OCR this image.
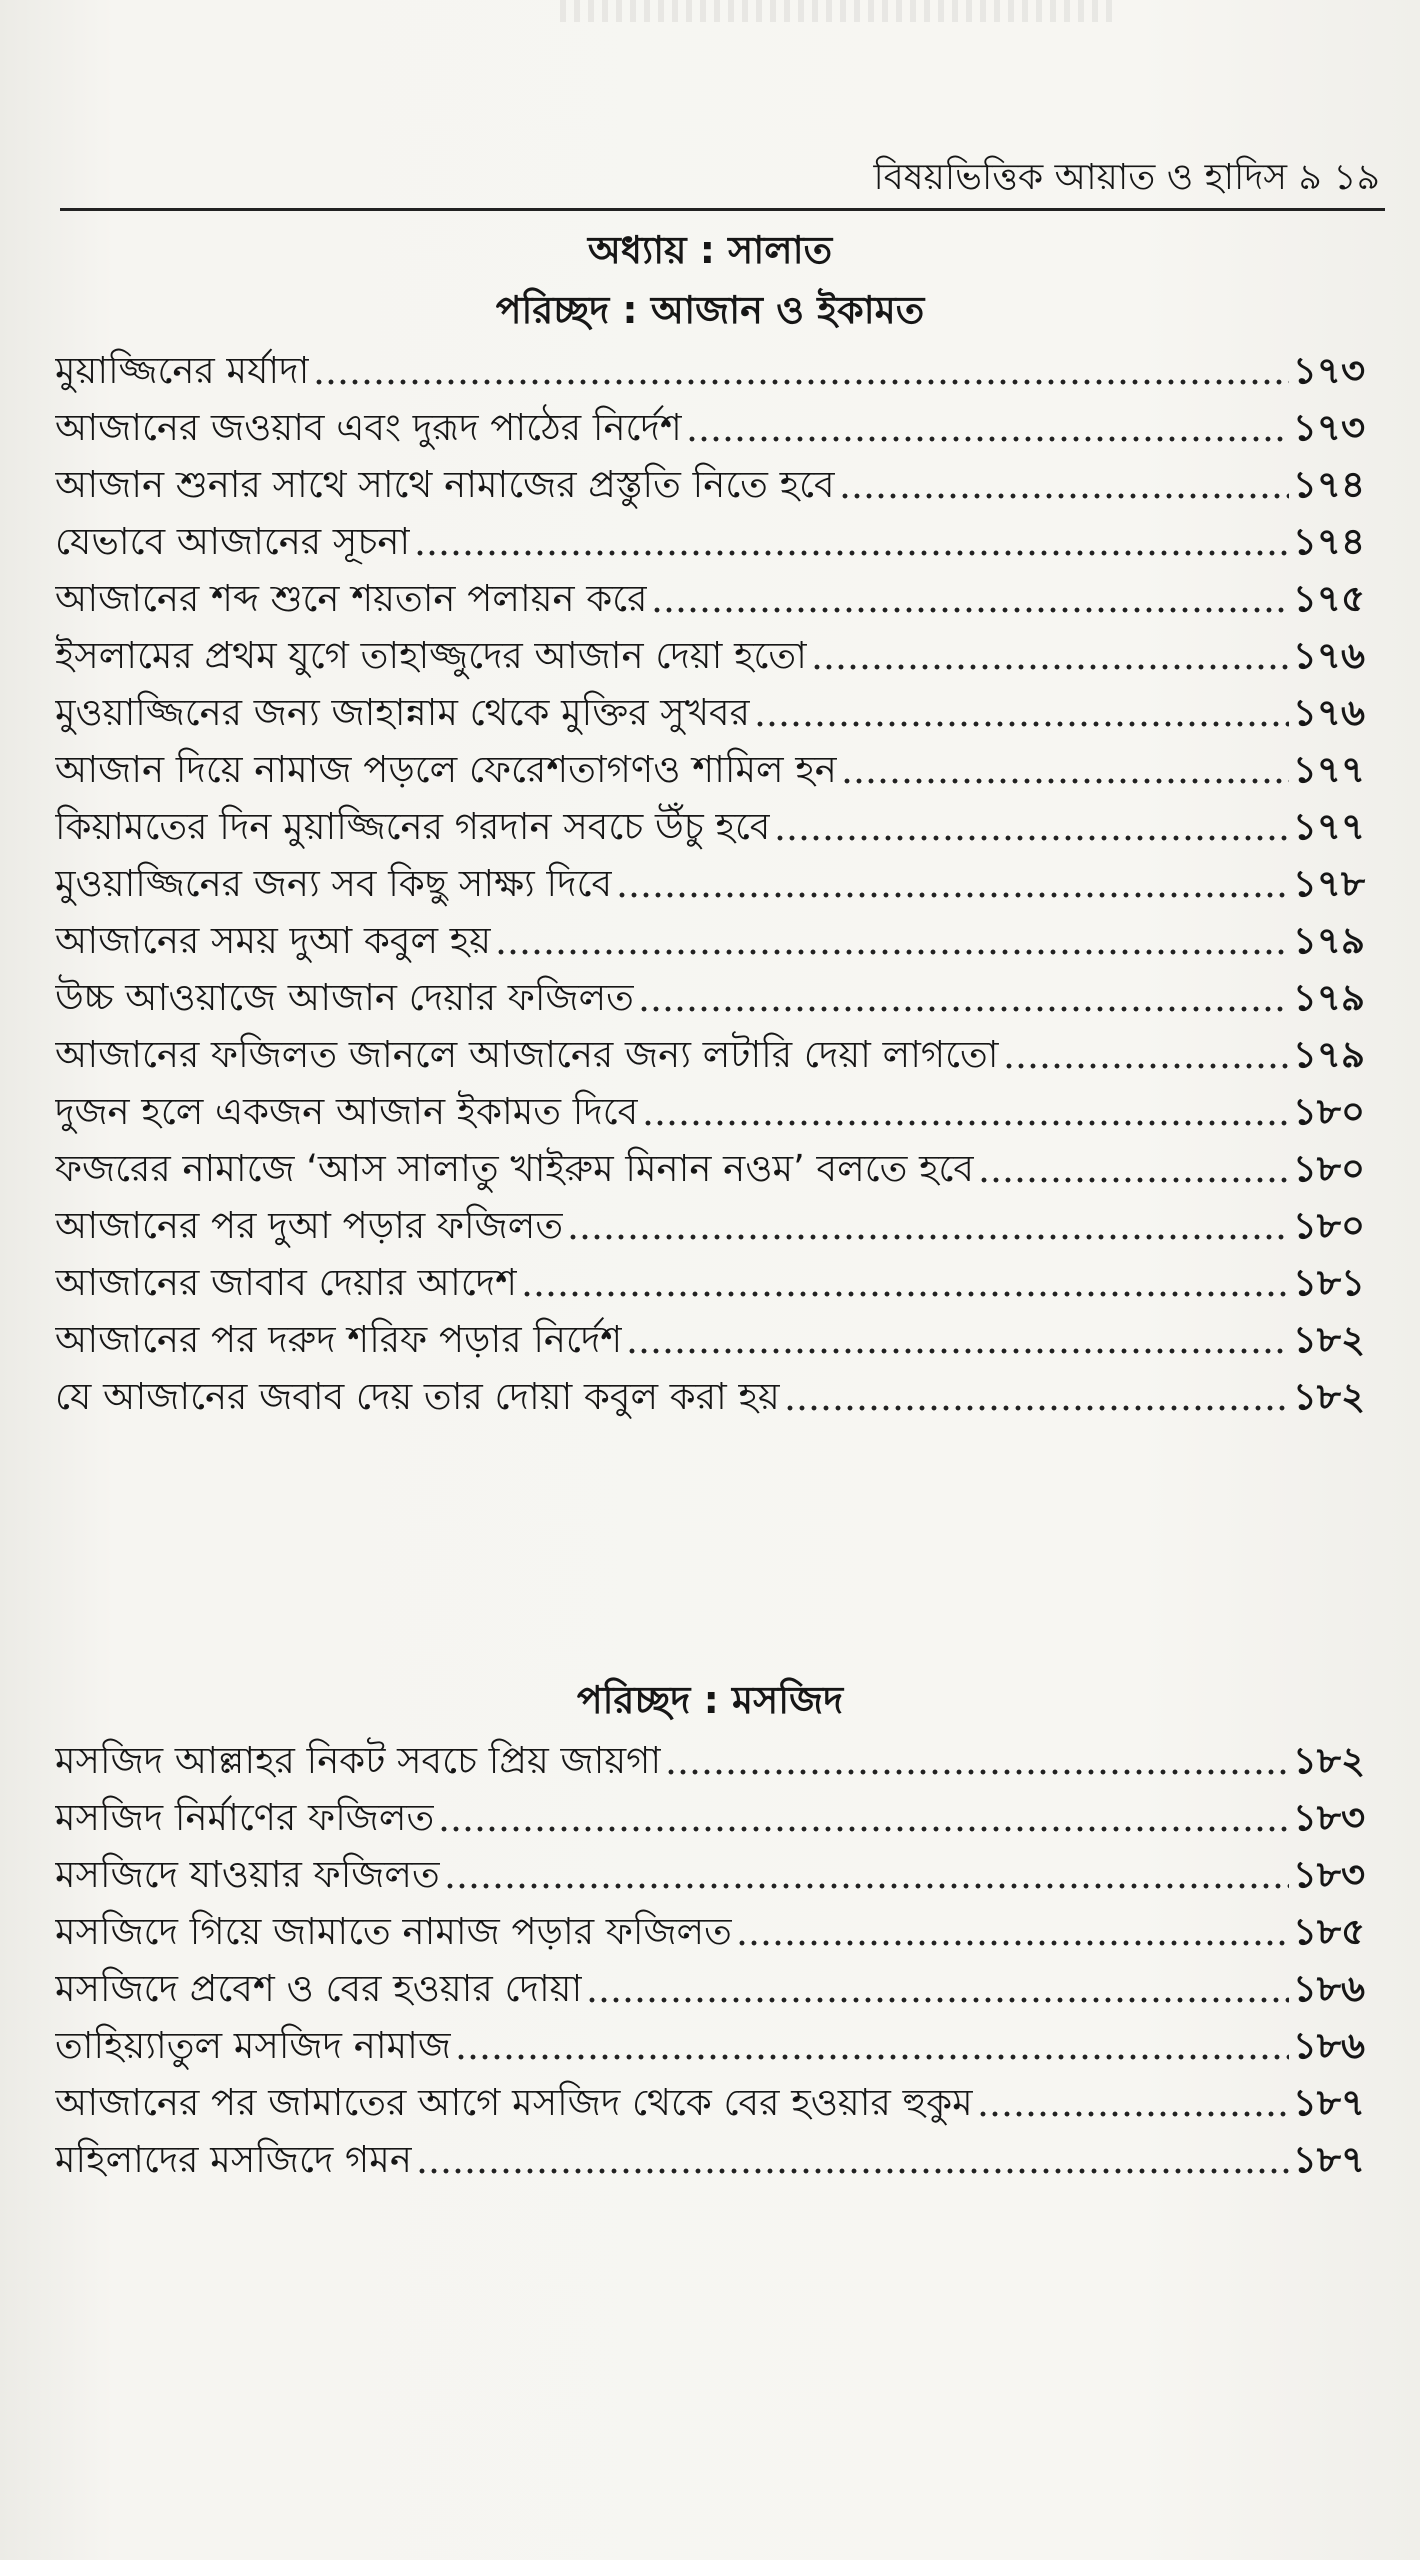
বিষয়ভিত্তিক আয়াত ও হাদিস ৯ ১৯
অধ্যায় : সালাত
পরিচ্ছদ : আজান ও ইকামত
মুয়াজ্জিনের মর্যাদা	১৭৩
আজানের জওয়াব এবং দুরূদ পাঠের নির্দেশ	১৭৩
আজান শুনার সাথে সাথে নামাজের প্রস্তুতি নিতে হবে	১৭৪
যেভাবে আজানের সূচনা	১৭৪
আজানের শব্দ শুনে শয়তান পলায়ন করে	১৭৫
ইসলামের প্রথম যুগে তাহাজ্জুদের আজান দেয়া হতো	১৭৬
মুওয়াজ্জিনের জন্য জাহান্নাম থেকে মুক্তির সুখবর	১৭৬
আজান দিয়ে নামাজ পড়লে ফেরেশতাগণও শামিল হন	১৭৭
কিয়ামতের দিন মুয়াজ্জিনের গরদান সবচে উঁচু হবে	১৭৭
মুওয়াজ্জিনের জন্য সব কিছু সাক্ষ্য দিবে	১৭৮
আজানের সময় দুআ কবুল হয়	১৭৯
উচ্চ আওয়াজে আজান দেয়ার ফজিলত	১৭৯
আজানের ফজিলত জানলে আজানের জন্য লটারি দেয়া লাগতো	১৭৯
দুজন হলে একজন আজান ইকামত দিবে	১৮০
ফজরের নামাজে ‘আস সালাতু খাইরুম মিনান নওম’ বলতে হবে	১৮০
আজানের পর দুআ পড়ার ফজিলত	১৮০
আজানের জাবাব দেয়ার আদেশ	১৮১
আজানের পর দরুদ শরিফ পড়ার নির্দেশ	১৮২
যে আজানের জবাব দেয় তার দোয়া কবুল করা হয়	১৮২
পরিচ্ছদ : মসজিদ
মসজিদ আল্লাহর নিকট সবচে প্রিয় জায়গা	১৮২
মসজিদ নির্মাণের ফজিলত	১৮৩
মসজিদে যাওয়ার ফজিলত	১৮৩
মসজিদে গিয়ে জামাতে নামাজ পড়ার ফজিলত	১৮৫
মসজিদে প্রবেশ ও বের হওয়ার দোয়া	১৮৬
তাহিয়্যাতুল মসজিদ নামাজ	১৮৬
আজানের পর জামাতের আগে মসজিদ থেকে বের হওয়ার হুকুম	১৮৭
মহিলাদের মসজিদে গমন	১৮৭
